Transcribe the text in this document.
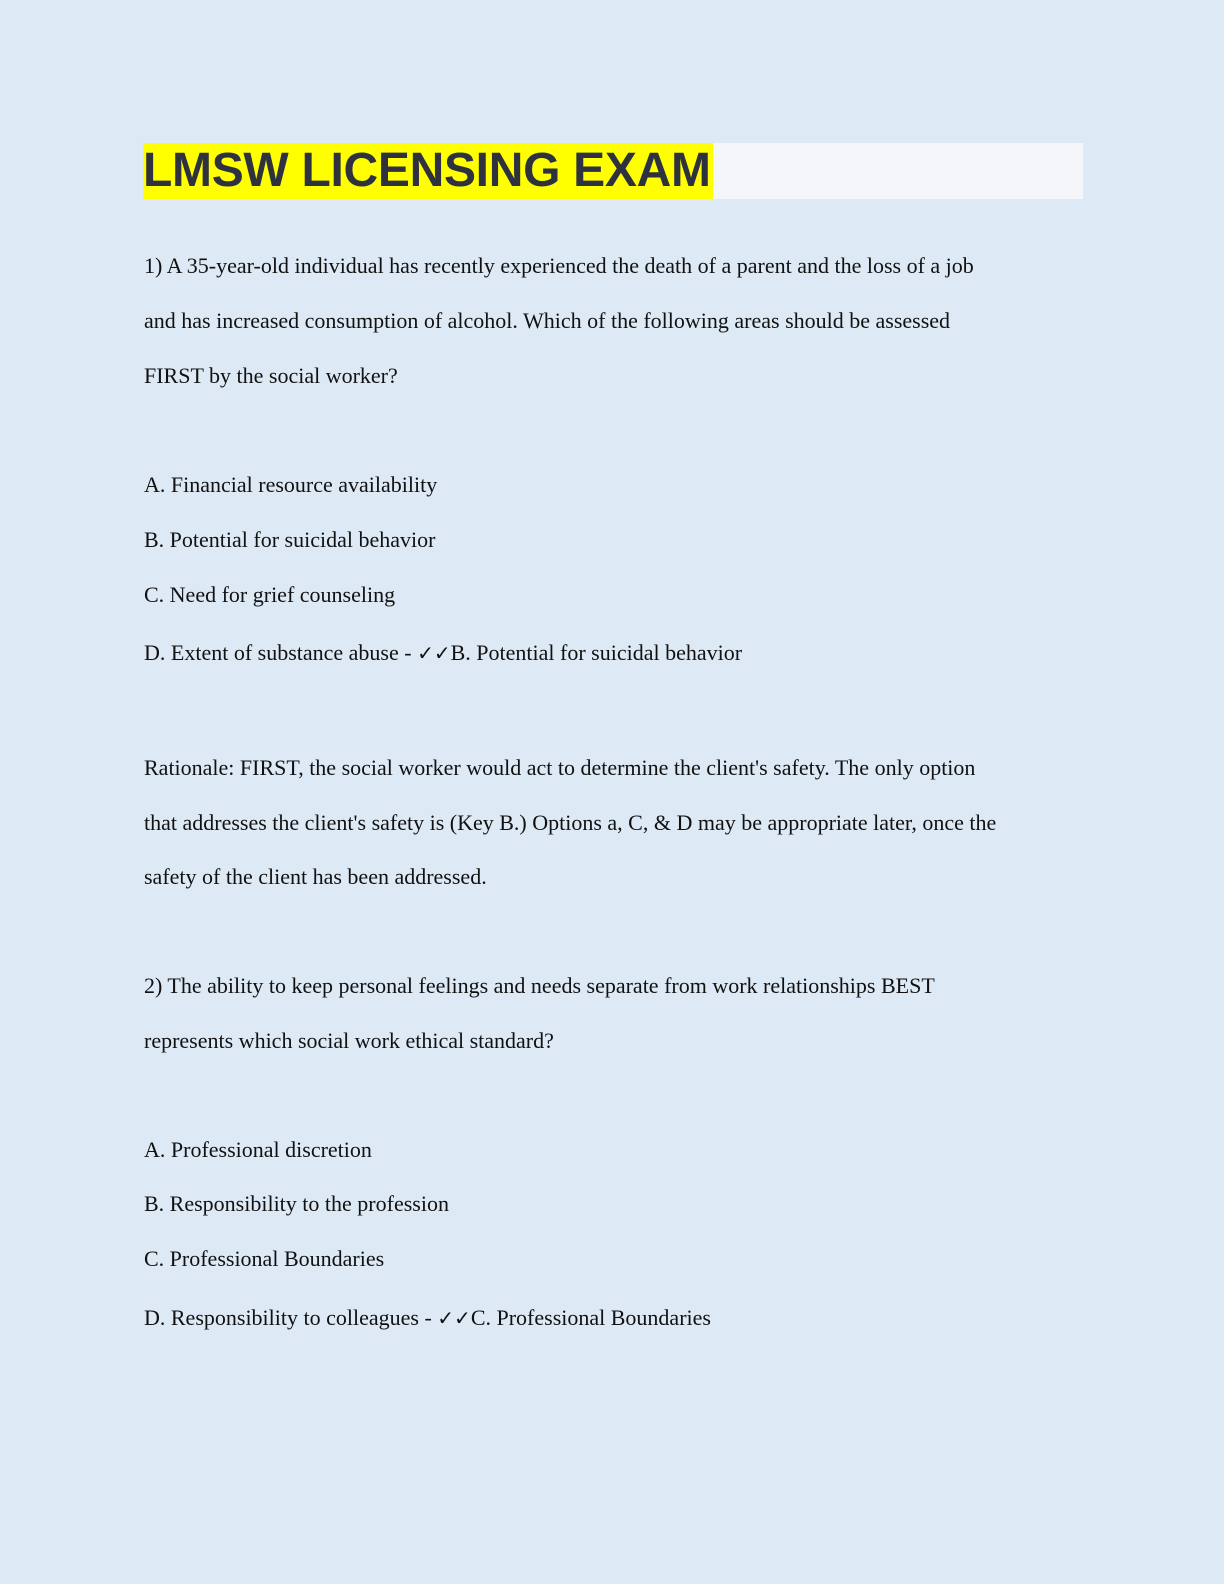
LMSW LICENSING EXAM
1) A 35-year-old individual has recently experienced the death of a parent and the loss of a job
and has increased consumption of alcohol. Which of the following areas should be assessed
FIRST by the social worker?
A. Financial resource availability
B. Potential for suicidal behavior
C. Need for grief counseling
D. Extent of substance abuse - ✓✓B. Potential for suicidal behavior
Rationale: FIRST, the social worker would act to determine the client's safety. The only option
that addresses the client's safety is (Key B.) Options a, C, & D may be appropriate later, once the
safety of the client has been addressed.
2) The ability to keep personal feelings and needs separate from work relationships BEST
represents which social work ethical standard?
A. Professional discretion
B. Responsibility to the profession
C. Professional Boundaries
D. Responsibility to colleagues - ✓✓C. Professional Boundaries
